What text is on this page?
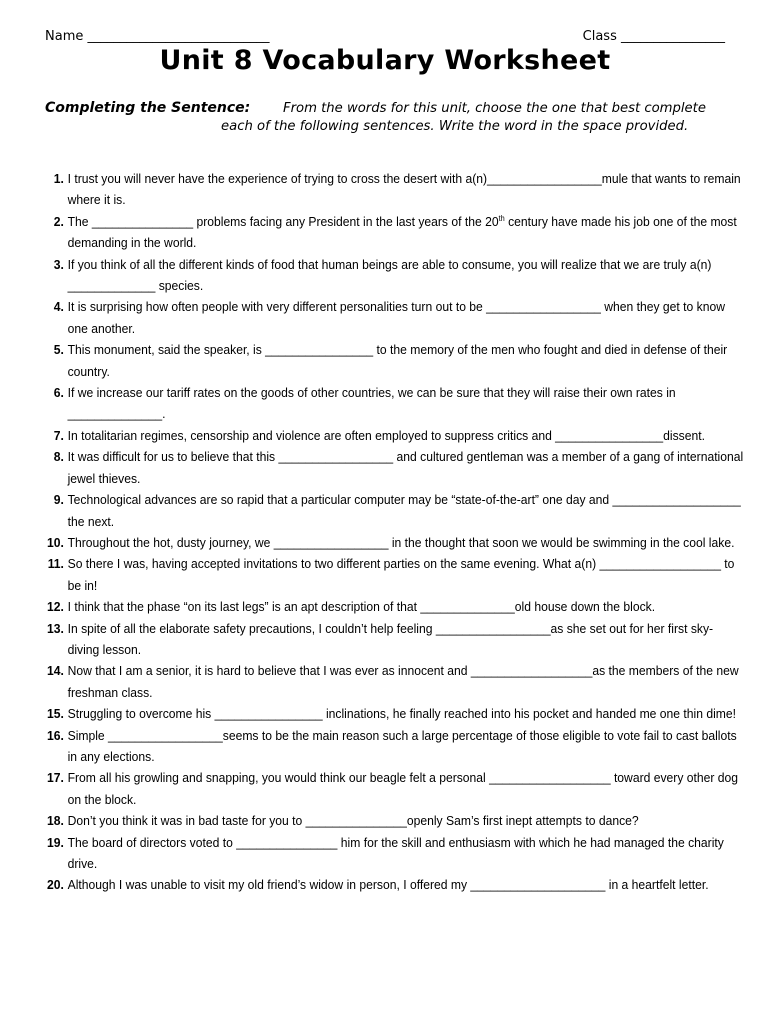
Name ____________________________	Class ________________
Unit 8 Vocabulary Worksheet
Completing the Sentence:	From the words for this unit, choose the one that best complete each of the following sentences. Write the word in the space provided.
1 . I trust you will never have the experience of trying to cross the desert with a(n)_________________mule that wants to remain where it is.
2 . The _______________ problems facing any President in the last years of the 20th century have made his job one of the most demanding in the world.
3 . If you think of all the different kinds of food that human beings are able to consume, you will realize that we are truly a(n) _____________ species.
4 . It is surprising how often people with very different personalities turn out to be _________________ when they get to know one another.
5 . This monument, said the speaker, is ________________ to the memory of the men who fought and died in defense of their country.
6 . If we increase our tariff rates on the goods of other countries, we can be sure that they will raise their own rates in ______________.
7 . In totalitarian regimes, censorship and violence are often employed to suppress critics and ________________dissent.
8 . It was difficult for us to believe that this _________________ and cultured gentleman was a member of a gang of international jewel thieves.
9 . Technological advances are so rapid that a particular computer may be “state-of-the-art” one day and ___________________ the next.
10 . Throughout the hot, dusty journey, we _________________ in the thought that soon we would be swimming in the cool lake.
11 . So there I was, having accepted invitations to two different parties on the same evening. What a(n) __________________ to be in!
12 . I think that the phase “on its last legs” is an apt description of that ______________old house down the block.
13 . In spite of all the elaborate safety precautions, I couldn’t help feeling _________________as she set out for her first sky-diving lesson.
14 . Now that I am a senior, it is hard to believe that I was ever as innocent and __________________as the members of the new freshman class.
15 . Struggling to overcome his ________________ inclinations, he finally reached into his pocket and handed me one thin dime!
16 . Simple _________________seems to be the main reason such a large percentage of those eligible to vote fail to cast ballots in any elections.
17 . From all his growling and snapping, you would think our beagle felt a personal __________________ toward every other dog on the block.
18 . Don’t you think it was in bad taste for you to _______________openly Sam’s first inept attempts to dance?
19 . The board of directors voted to _______________ him for the skill and enthusiasm with which he had managed the charity drive.
20 . Although I was unable to visit my old friend’s widow in person, I offered my ____________________ in a heartfelt letter.
